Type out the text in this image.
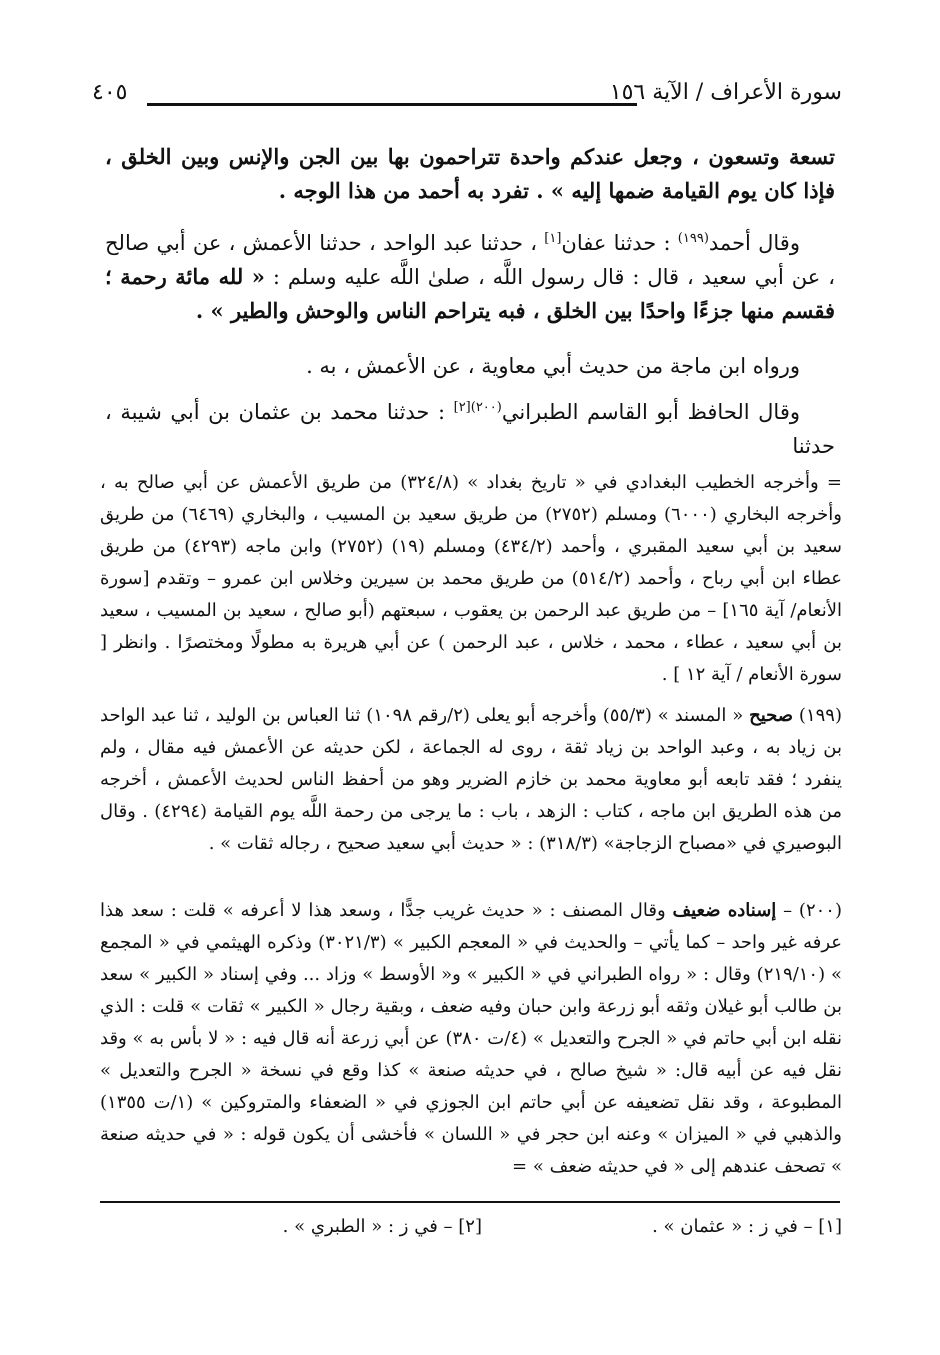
٤٠٥	سورة الأعراف / الآية ١٥٦
تسعة وتسعون ، وجعل عندكم واحدة تتراحمون بها بين الجن والإنس وبين الخلق ، فإذا كان يوم القيامة ضمها إليه » . تفرد به أحمد من هذا الوجه .
وقال أحمد$^{(١٩٩)}$ : حدثنا عفان[١] ، حدثنا عبد الواحد ، حدثنا الأعمش ، عن أبي صالح ، عن أبي سعيد ، قال : قال رسول اللَّه ، صلىٰ اللَّه عليه وسلم : « لله مائة رحمة ؛ فقسم منها جزءًا واحدًا بين الخلق ، فبه يتراحم الناس والوحش والطير » .
ورواه ابن ماجة من حديث أبي معاوية ، عن الأعمش ، به .
وقال الحافظ أبو القاسم الطبراني$^{(٢٠٠)[٢]}$ : حدثنا محمد بن عثمان بن أبي شيبة ، حدثنا
= وأخرجه الخطيب البغدادي في « تاريخ بغداد » (٣٢٤/٨) من طريق الأعمش عن أبي صالح به ، وأخرجه البخاري (٦٠٠٠) ومسلم (٢٧٥٢) من طريق سعيد بن المسيب ، والبخاري (٦٤٦٩) من طريق سعيد بن أبي سعيد المقبري ، وأحمد (٤٣٤/٢) ومسلم (١٩) (٢٧٥٢) وابن ماجه (٤٢٩٣) من طريق عطاء ابن أبي رباح ، وأحمد (٥١٤/٢) من طريق محمد بن سيرين وخلاس ابن عمرو – وتقدم [سورة الأنعام/ آية ١٦٥] – من طريق عبد الرحمن بن يعقوب ، سبعتهم (أبو صالح ، سعيد بن المسيب ، سعيد بن أبي سعيد ، عطاء ، محمد ، خلاس ، عبد الرحمن ) عن أبي هريرة به مطولًا ومختصرًا . وانظر [ سورة الأنعام / آية ١٢ ] .
(١٩٩) صحيح « المسند » (٥٥/٣) وأخرجه أبو يعلى (٢/رقم ١٠٩٨) ثنا العباس بن الوليد ، ثنا عبد الواحد بن زياد به ، وعبد الواحد بن زياد ثقة ، روى له الجماعة ، لكن حديثه عن الأعمش فيه مقال ، ولم ينفرد ؛ فقد تابعه أبو معاوية محمد بن خازم الضرير وهو من أحفظ الناس لحديث الأعمش ، أخرجه من هذه الطريق ابن ماجه ، كتاب : الزهد ، باب : ما يرجى من رحمة اللَّه يوم القيامة (٤٢٩٤) . وقال البوصيري في «مصباح الزجاجة» (٣١٨/٣) : « حديث أبي سعيد صحيح ، رجاله ثقات » .
(٢٠٠) – إسناده ضعيف وقال المصنف : « حديث غريب جدًّا ، وسعد هذا لا أعرفه » قلت : سعد هذا عرفه غير واحد – كما يأتي – والحديث في « المعجم الكبير » (٣٠٢١/٣) وذكره الهيثمي في « المجمع » (٢١٩/١٠) وقال : « رواه الطبراني في « الكبير » و« الأوسط » وزاد ... وفي إسناد « الكبير » سعد بن طالب أبو غيلان وثقه أبو زرعة وابن حبان وفيه ضعف ، وبقية رجال « الكبير » ثقات » قلت : الذي نقله ابن أبي حاتم في « الجرح والتعديل » (٤/ت ٣٨٠) عن أبي زرعة أنه قال فيه : « لا بأس به » وقد نقل فيه عن أبيه قال: « شيخ صالح ، في حديثه صنعة » كذا وقع في نسخة « الجرح والتعديل » المطبوعة ، وقد نقل تضعيفه عن أبي حاتم ابن الجوزي في « الضعفاء والمتروكين » (١/ت ١٣٥٥) والذهبي في « الميزان » وعنه ابن حجر في « اللسان » فأخشى أن يكون قوله : « في حديثه صنعة » تصحف عندهم إلى « في حديثه ضعف » =
[١] – في ز : « عثمان » .
[٢] – في ز : « الطبري » .
